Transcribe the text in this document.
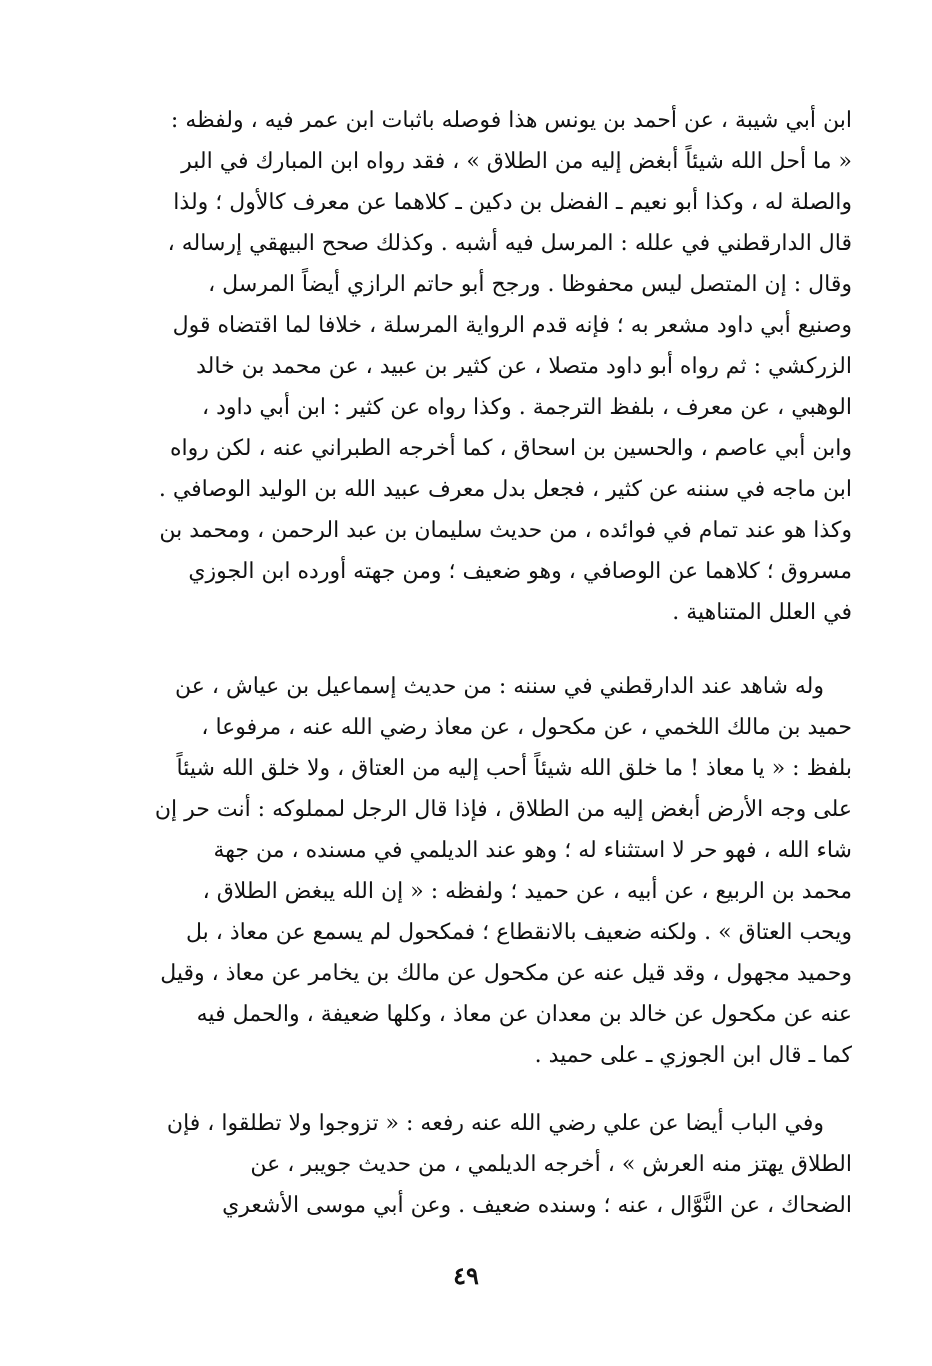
ابن أبي شيبة ، عن أحمد بن يونس هذا فوصله باثبات ابن عمر فيه ، ولفظه :
« ما أحل الله شيئاً أبغض إليه من الطلاق » ، فقد رواه ابن المبارك في البر
والصلة له ، وكذا أبو نعيم ـ الفضل بن دكين ـ كلاهما عن معرف كالأول ؛ ولذا
قال الدارقطني في علله : المرسل فيه أشبه . وكذلك صحح البيهقي إرساله ،
وقال : إن المتصل ليس محفوظا . ورجح أبو حاتم الرازي أيضاً المرسل ،
وصنيع أبي داود مشعر به ؛ فإنه قدم الرواية المرسلة ، خلافا لما اقتضاه قول
الزركشي : ثم رواه أبو داود متصلا ، عن كثير بن عبيد ، عن محمد بن خالد
الوهبي ، عن معرف ، بلفظ الترجمة . وكذا رواه عن كثير : ابن أبي داود ،
وابن أبي عاصم ، والحسين بن اسحاق ، كما أخرجه الطبراني عنه ، لكن رواه
ابن ماجه في سننه عن كثير ، فجعل بدل معرف عبيد الله بن الوليد الوصافي .
وكذا هو عند تمام في فوائده ، من حديث سليمان بن عبد الرحمن ، ومحمد بن
مسروق ؛ كلاهما عن الوصافي ، وهو ضعيف ؛ ومن جهته أورده ابن الجوزي
في العلل المتناهية .
وله شاهد عند الدارقطني في سننه : من حديث إسماعيل بن عياش ، عن
حميد بن مالك اللخمي ، عن مكحول ، عن معاذ رضي الله عنه ، مرفوعا ،
بلفظ : « يا معاذ ! ما خلق الله شيئاً أحب إليه من العتاق ، ولا خلق الله شيئاً
على وجه الأرض أبغض إليه من الطلاق ، فإذا قال الرجل لمملوكه : أنت حر إن
شاء الله ، فهو حر لا استثناء له ؛ وهو عند الديلمي في مسنده ، من جهة
محمد بن الربيع ، عن أبيه ، عن حميد ؛ ولفظه : « إن الله يبغض الطلاق ،
ويحب العتاق » . ولكنه ضعيف بالانقطاع ؛ فمكحول لم يسمع عن معاذ ، بل
وحميد مجهول ، وقد قيل عنه عن مكحول عن مالك بن يخامر عن معاذ ، وقيل
عنه عن مكحول عن خالد بن معدان عن معاذ ، وكلها ضعيفة ، والحمل فيه
كما ـ قال ابن الجوزي ـ على حميد .
وفي الباب أيضا عن علي رضي الله عنه رفعه : « تزوجوا ولا تطلقوا ، فإن
الطلاق يهتز منه العرش » ، أخرجه الديلمي ، من حديث جويبر ، عن
الضحاك ، عن النَّوَّال ، عنه ؛ وسنده ضعيف . وعن أبي موسى الأشعري
٤٩
